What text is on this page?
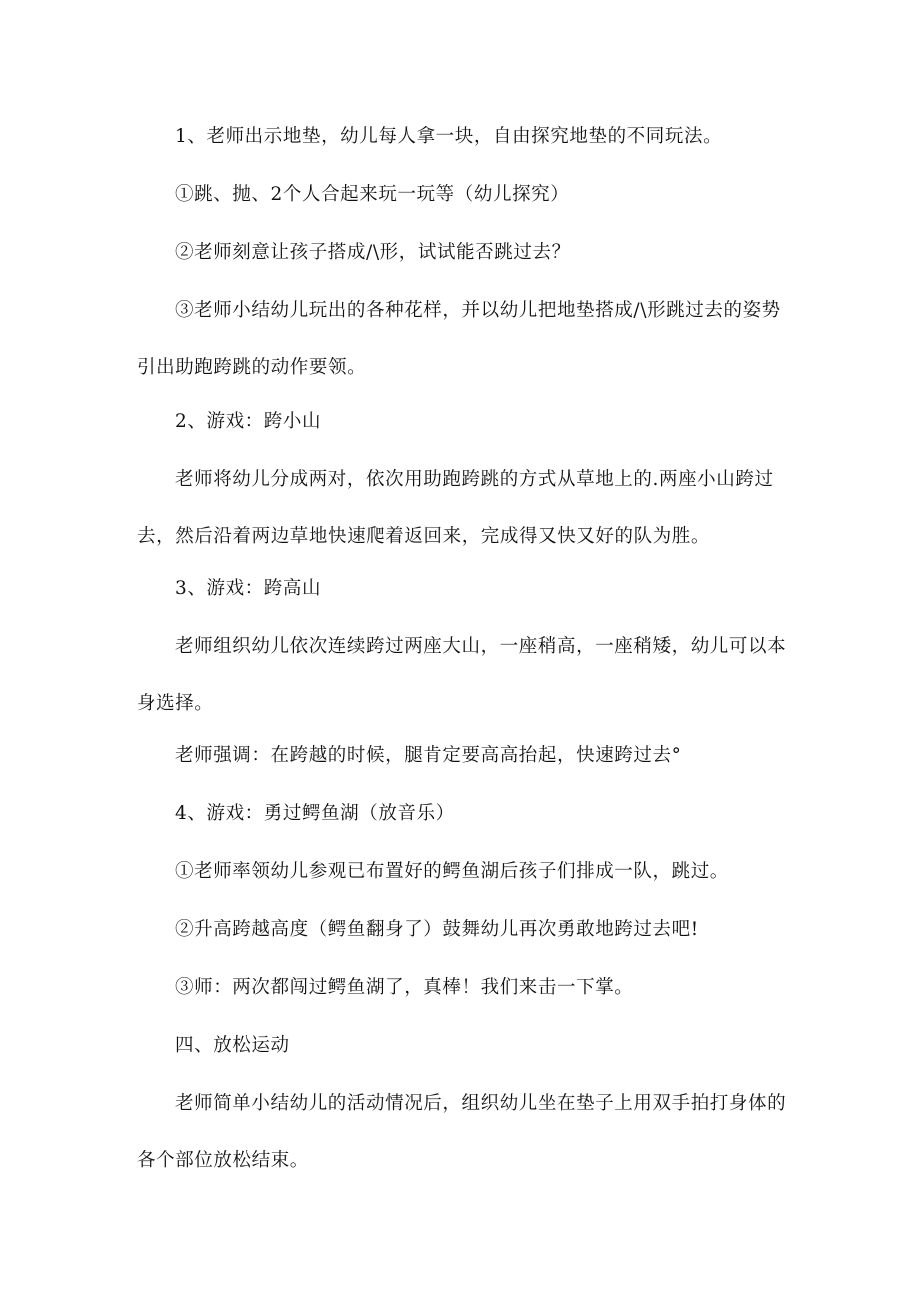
1、老师出示地垫，幼儿每人拿一块，自由探究地垫的不同玩法。

①跳、抛、2个人合起来玩一玩等（幼儿探究）

②老师刻意让孩子搭成/\形，试试能否跳过去？

③老师小结幼儿玩出的各种花样，并以幼儿把地垫搭成/\形跳过去的姿势引出助跑跨跳的动作要领。

2、游戏：跨小山

老师将幼儿分成两对，依次用助跑跨跳的方式从草地上的.两座小山跨过去，然后沿着两边草地快速爬着返回来，完成得又快又好的队为胜。

3、游戏：跨高山

老师组织幼儿依次连续跨过两座大山，一座稍高，一座稍矮，幼儿可以本身选择。

老师强调：在跨越的时候，腿肯定要高高抬起，快速跨过去°

4、游戏：勇过鳄鱼湖（放音乐）

①老师率领幼儿参观已布置好的鳄鱼湖后孩子们排成一队，跳过。

②升高跨越高度（鳄鱼翻身了）鼓舞幼儿再次勇敢地跨过去吧!

③师：两次都闯过鳄鱼湖了，真棒！我们来击一下掌。

四、放松运动

老师简单小结幼儿的活动情况后，组织幼儿坐在垫子上用双手拍打身体的各个部位放松结束。
